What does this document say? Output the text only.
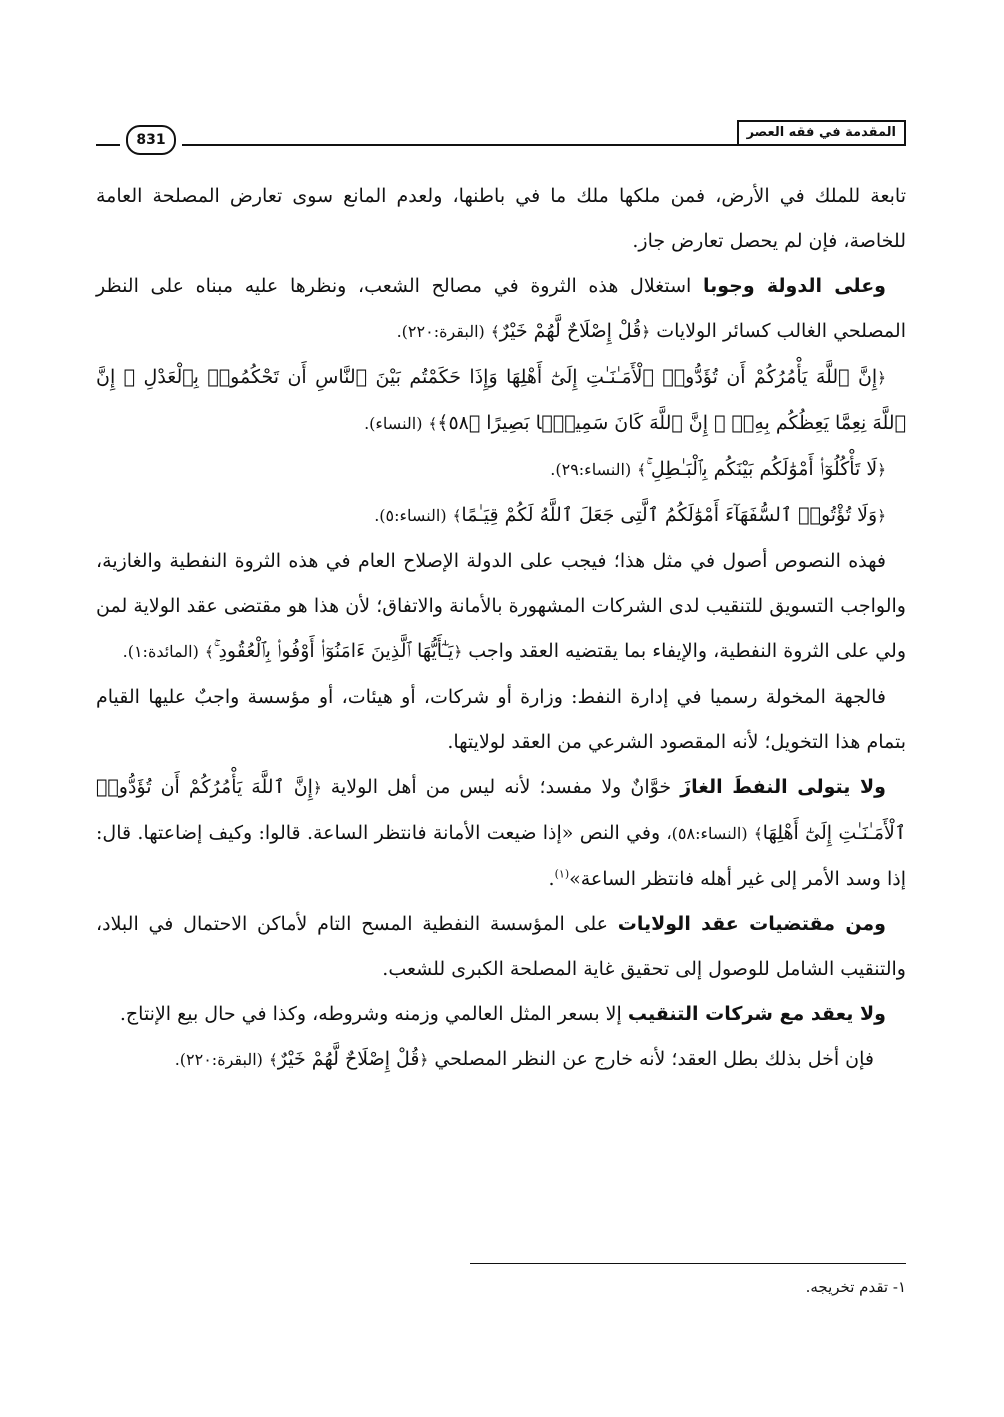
المقدمة في فقه العصر
831

تابعة للملك في الأرض، فمن ملكها ملك ما في باطنها، ولعدم المانع سوى تعارض المصلحة العامة للخاصة، فإن لم يحصل تعارض جاز.

وعلى الدولة وجوبا استغلال هذه الثروة في مصالح الشعب، ونظرها عليه مبناه على النظر المصلحي الغالب كسائر الولايات ﴿قُلْ إِصْلَاحٌ لَّهُمْ خَيْرٌ﴾ (البقرة:٢٢٠).

﴿إِنَّ ٱللَّهَ يَأْمُرُكُمْ أَن تُؤَدُّوا۟ ٱلْأَمَـٰنَـٰتِ إِلَىٰٓ أَهْلِهَا وَإِذَا حَكَمْتُم بَيْنَ ٱلنَّاسِ أَن تَحْكُمُوا۟ بِٱلْعَدْلِ ۚ إِنَّ ٱللَّهَ نِعِمَّا يَعِظُكُم بِهِۦٓ ۗ إِنَّ ٱللَّهَ كَانَ سَمِيعًۢا بَصِيرًا ﴿٥٨﴾﴾ (النساء).

﴿لَا تَأْكُلُوٓا۟ أَمْوَٰلَكُم بَيْنَكُم بِٱلْبَـٰطِلِ ۚ﴾ (النساء:٢٩).

﴿وَلَا تُؤْتُوا۟ ٱلسُّفَهَآءَ أَمْوَٰلَكُمُ ٱلَّتِى جَعَلَ ٱللَّهُ لَكُمْ قِيَـٰمًا﴾ (النساء:٥).

فهذه النصوص أصول في مثل هذا؛ فيجب على الدولة الإصلاح العام في هذه الثروة النفطية والغازية، والواجب التسويق للتنقيب لدى الشركات المشهورة بالأمانة والاتفاق؛ لأن هذا هو مقتضى عقد الولاية لمن ولي على الثروة النفطية، والإيفاء بما يقتضيه العقد واجب ﴿يَـٰٓأَيُّهَا ٱلَّذِينَ ءَامَنُوٓا۟ أَوْفُوا۟ بِٱلْعُقُودِ ۚ﴾ (المائدة:١).

فالجهة المخولة رسميا في إدارة النفط: وزارة أو شركات، أو هيئات، أو مؤسسة واجبٌ عليها القيام بتمام هذا التخويل؛ لأنه المقصود الشرعي من العقد لولايتها.

ولا يتولى النفطَ الغازَ خوَّانٌ ولا مفسد؛ لأنه ليس من أهل الولاية ﴿إِنَّ ٱللَّهَ يَأْمُرُكُمْ أَن تُؤَدُّوا۟ ٱلْأَمَـٰنَـٰتِ إِلَىٰٓ أَهْلِهَا﴾ (النساء:٥٨)، وفي النص «إذا ضيعت الأمانة فانتظر الساعة. قالوا: وكيف إضاعتها. قال: إذا وسد الأمر إلى غير أهله فانتظر الساعة»$^{(١)}$.

ومن مقتضيات عقد الولايات على المؤسسة النفطية المسح التام لأماكن الاحتمال في البلاد، والتنقيب الشامل للوصول إلى تحقيق غاية المصلحة الكبرى للشعب.

ولا يعقد مع شركات التنقيب إلا بسعر المثل العالمي وزمنه وشروطه، وكذا في حال بيع الإنتاج.

فإن أخل بذلك بطل العقد؛ لأنه خارج عن النظر المصلحي ﴿قُلْ إِصْلَاحٌ لَّهُمْ خَيْرٌ﴾ (البقرة:٢٢٠).

١- تقدم تخريجه.
